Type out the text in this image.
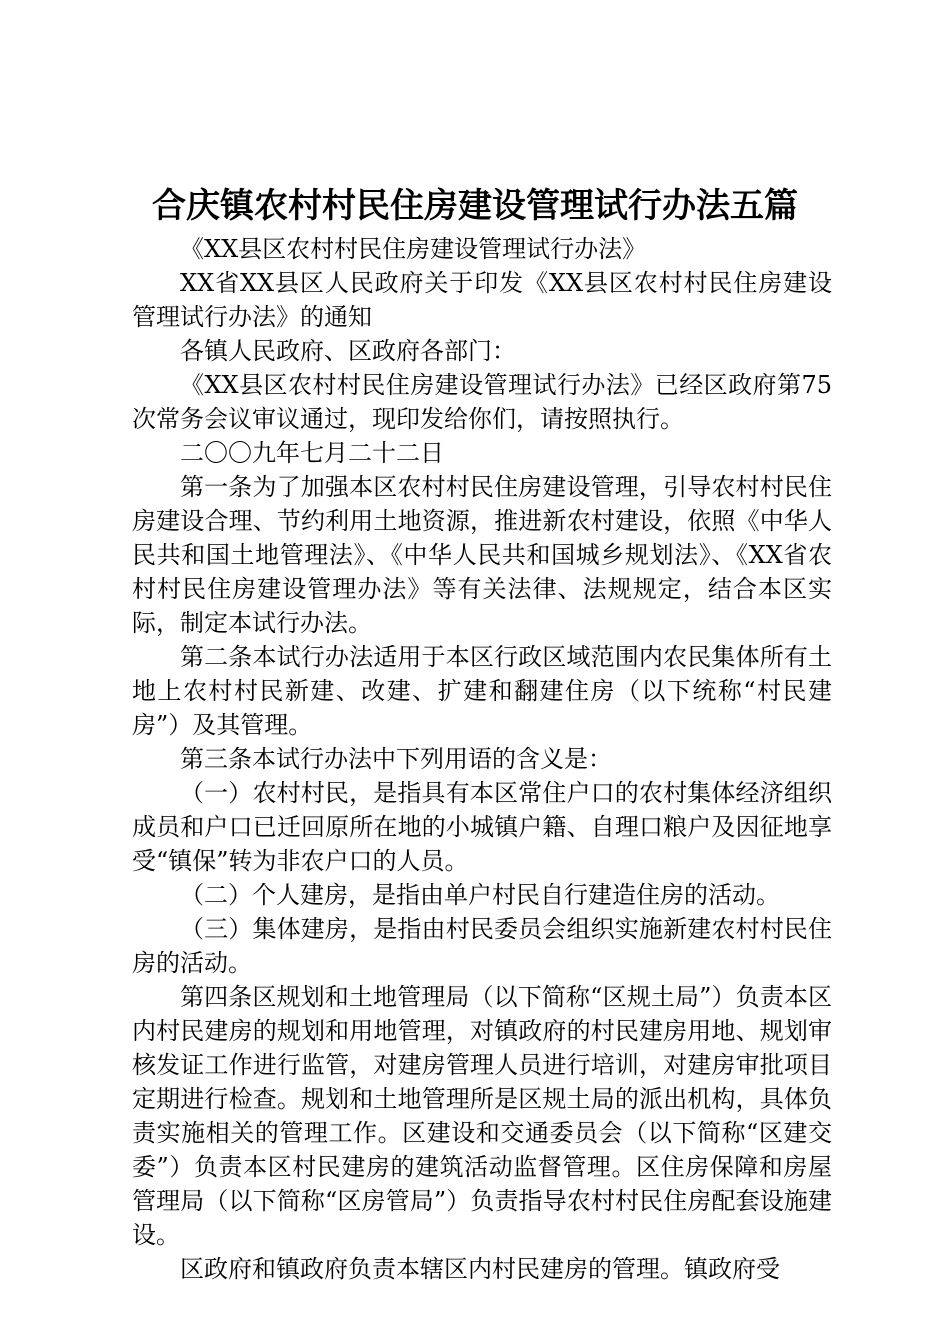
合庆镇农村村民住房建设管理试行办法五篇

《XX县区农村村民住房建设管理试行办法》

XX省XX县区人民政府关于印发《XX县区农村村民住房建设管理试行办法》的通知

各镇人民政府、区政府各部门：

《XX县区农村村民住房建设管理试行办法》已经区政府第75次常务会议审议通过，现印发给你们，请按照执行。

二〇〇九年七月二十二日

第一条为了加强本区农村村民住房建设管理，引导农村村民住房建设合理、节约利用土地资源，推进新农村建设，依照《中华人民共和国土地管理法》、《中华人民共和国城乡规划法》、《XX省农村村民住房建设管理办法》等有关法律、法规规定，结合本区实际，制定本试行办法。

第二条本试行办法适用于本区行政区域范围内农民集体所有土地上农村村民新建、改建、扩建和翻建住房（以下统称“村民建房”）及其管理。

第三条本试行办法中下列用语的含义是：

（一）农村村民，是指具有本区常住户口的农村集体经济组织成员和户口已迁回原所在地的小城镇户籍、自理口粮户及因征地享受“镇保”转为非农户口的人员。

（二）个人建房，是指由单户村民自行建造住房的活动。

（三）集体建房，是指由村民委员会组织实施新建农村村民住房的活动。

第四条区规划和土地管理局（以下简称“区规土局”）负责本区内村民建房的规划和用地管理，对镇政府的村民建房用地、规划审核发证工作进行监管，对建房管理人员进行培训，对建房审批项目定期进行检查。规划和土地管理所是区规土局的派出机构，具体负责实施相关的管理工作。区建设和交通委员会（以下简称“区建交委”）负责本区村民建房的建筑活动监督管理。区住房保障和房屋管理局（以下简称“区房管局”）负责指导农村村民住房配套设施建设。

区政府和镇政府负责本辖区内村民建房的管理。镇政府受
